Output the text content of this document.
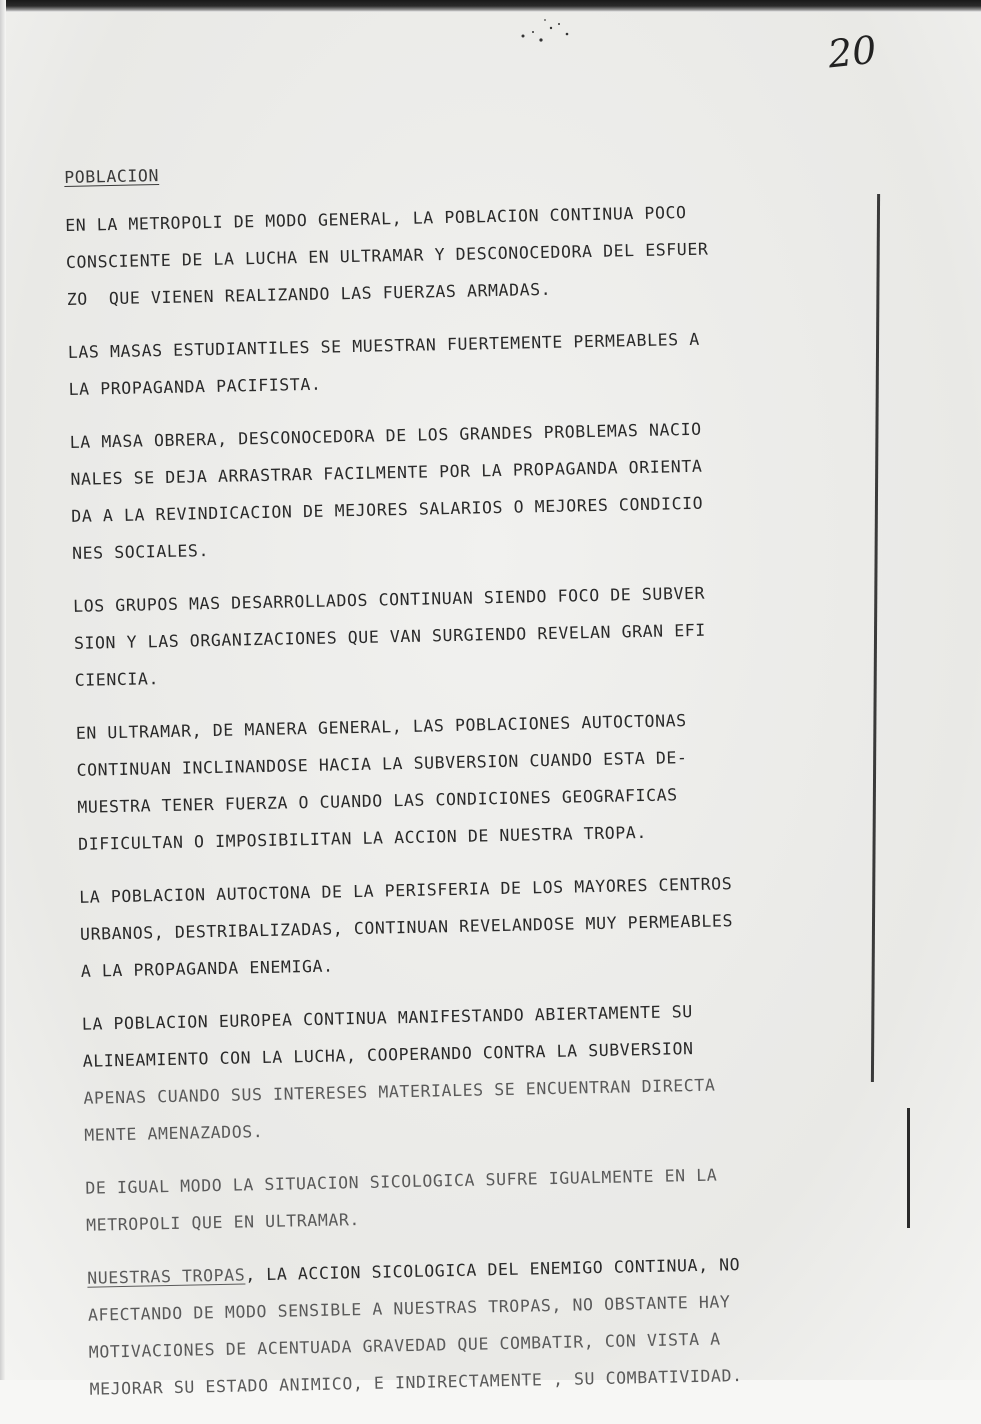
20
POBLACION
EN LA METROPOLI DE MODO GENERAL, LA POBLACION CONTINUA POCO
CONSCIENTE DE LA LUCHA EN ULTRAMAR Y DESCONOCEDORA DEL ESFUER
ZO  QUE VIENEN REALIZANDO LAS FUERZAS ARMADAS.
LAS MASAS ESTUDIANTILES SE MUESTRAN FUERTEMENTE PERMEABLES A
LA PROPAGANDA PACIFISTA.
LA MASA OBRERA, DESCONOCEDORA DE LOS GRANDES PROBLEMAS NACIO
NALES SE DEJA ARRASTRAR FACILMENTE POR LA PROPAGANDA ORIENTA
DA A LA REVINDICACION DE MEJORES SALARIOS O MEJORES CONDICIO
NES SOCIALES.
LOS GRUPOS MAS DESARROLLADOS CONTINUAN SIENDO FOCO DE SUBVER
SION Y LAS ORGANIZACIONES QUE VAN SURGIENDO REVELAN GRAN EFI
CIENCIA.
EN ULTRAMAR, DE MANERA GENERAL, LAS POBLACIONES AUTOCTONAS
CONTINUAN INCLINANDOSE HACIA LA SUBVERSION CUANDO ESTA DE-
MUESTRA TENER FUERZA O CUANDO LAS CONDICIONES GEOGRAFICAS
DIFICULTAN O IMPOSIBILITAN LA ACCION DE NUESTRA TROPA.
LA POBLACION AUTOCTONA DE LA PERISFERIA DE LOS MAYORES CENTROS
URBANOS, DESTRIBALIZADAS, CONTINUAN REVELANDOSE MUY PERMEABLES
A LA PROPAGANDA ENEMIGA.
LA POBLACION EUROPEA CONTINUA MANIFESTANDO ABIERTAMENTE SU
ALINEAMIENTO CON LA LUCHA, COOPERANDO CONTRA LA SUBVERSION
APENAS CUANDO SUS INTERESES MATERIALES SE ENCUENTRAN DIRECTA
MENTE AMENAZADOS.
DE IGUAL MODO LA SITUACION SICOLOGICA SUFRE IGUALMENTE EN LA
METROPOLI QUE EN ULTRAMAR.
NUESTRAS TROPAS, LA ACCION SICOLOGICA DEL ENEMIGO CONTINUA, NO
AFECTANDO DE MODO SENSIBLE A NUESTRAS TROPAS, NO OBSTANTE HAY
MOTIVACIONES DE ACENTUADA GRAVEDAD QUE COMBATIR, CON VISTA A
MEJORAR SU ESTADO ANIMICO, E INDIRECTAMENTE , SU COMBATIVIDAD.
